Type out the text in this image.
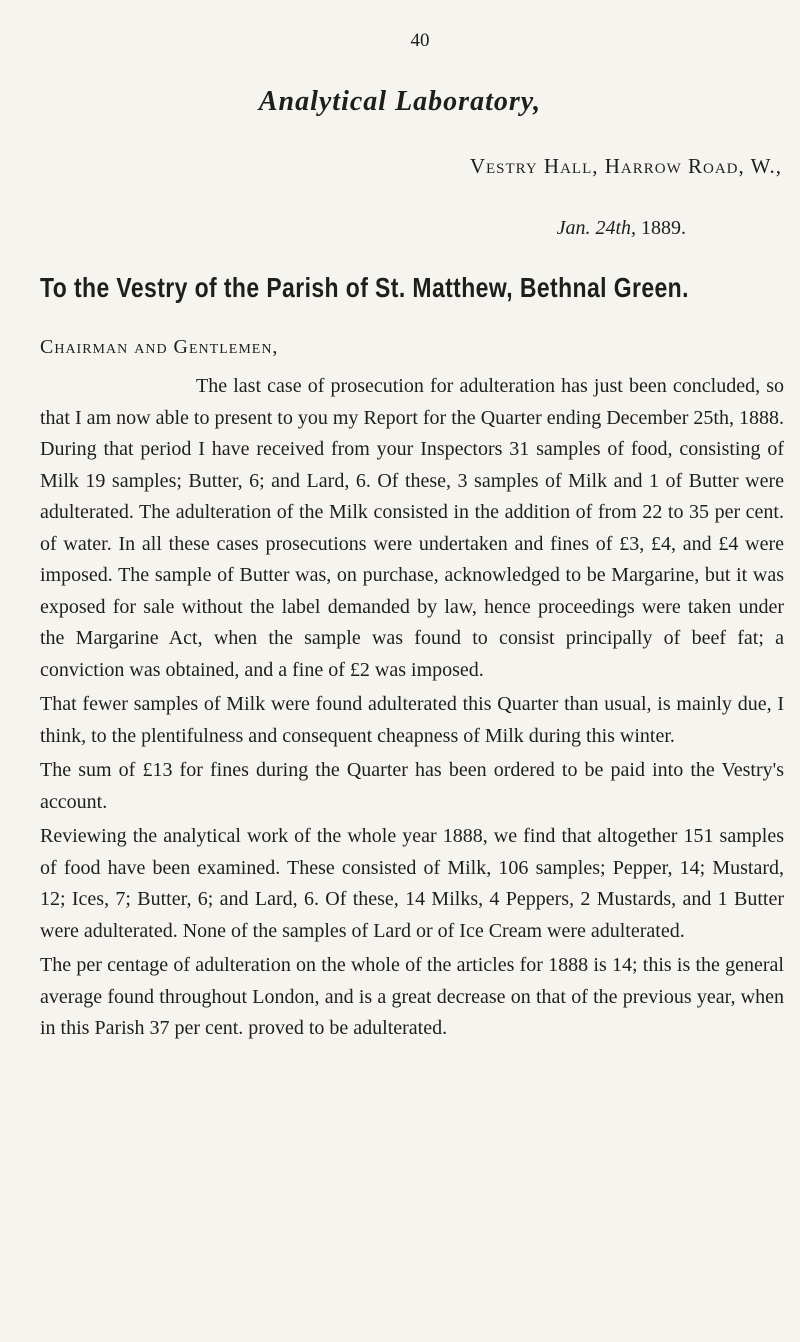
40
Analytical Laboratory,
Vestry Hall, Harrow Road, W.,
Jan. 24th, 1889.
To the Vestry of the Parish of St. Matthew, Bethnal Green.
Chairman and Gentlemen,

The last case of prosecution for adulteration has just been concluded, so that I am now able to present to you my Report for the Quarter ending December 25th, 1888. During that period I have received from your Inspectors 31 samples of food, consisting of Milk 19 samples; Butter, 6; and Lard, 6. Of these, 3 samples of Milk and 1 of Butter were adulterated. The adulteration of the Milk consisted in the addition of from 22 to 35 per cent. of water. In all these cases prosecutions were undertaken and fines of £3, £4, and £4 were imposed. The sample of Butter was, on purchase, acknowledged to be Margarine, but it was exposed for sale without the label demanded by law, hence proceedings were taken under the Margarine Act, when the sample was found to consist principally of beef fat; a conviction was obtained, and a fine of £2 was imposed.

That fewer samples of Milk were found adulterated this Quarter than usual, is mainly due, I think, to the plentifulness and consequent cheapness of Milk during this winter.

The sum of £13 for fines during the Quarter has been ordered to be paid into the Vestry's account.

Reviewing the analytical work of the whole year 1888, we find that altogether 151 samples of food have been examined. These consisted of Milk, 106 samples; Pepper, 14; Mustard, 12; Ices, 7; Butter, 6; and Lard, 6. Of these, 14 Milks, 4 Peppers, 2 Mustards, and 1 Butter were adulterated. None of the samples of Lard or of Ice Cream were adulterated.

The per centage of adulteration on the whole of the articles for 1888 is 14; this is the general average found throughout London, and is a great decrease on that of the previous year, when in this Parish 37 per cent. proved to be adulterated.
